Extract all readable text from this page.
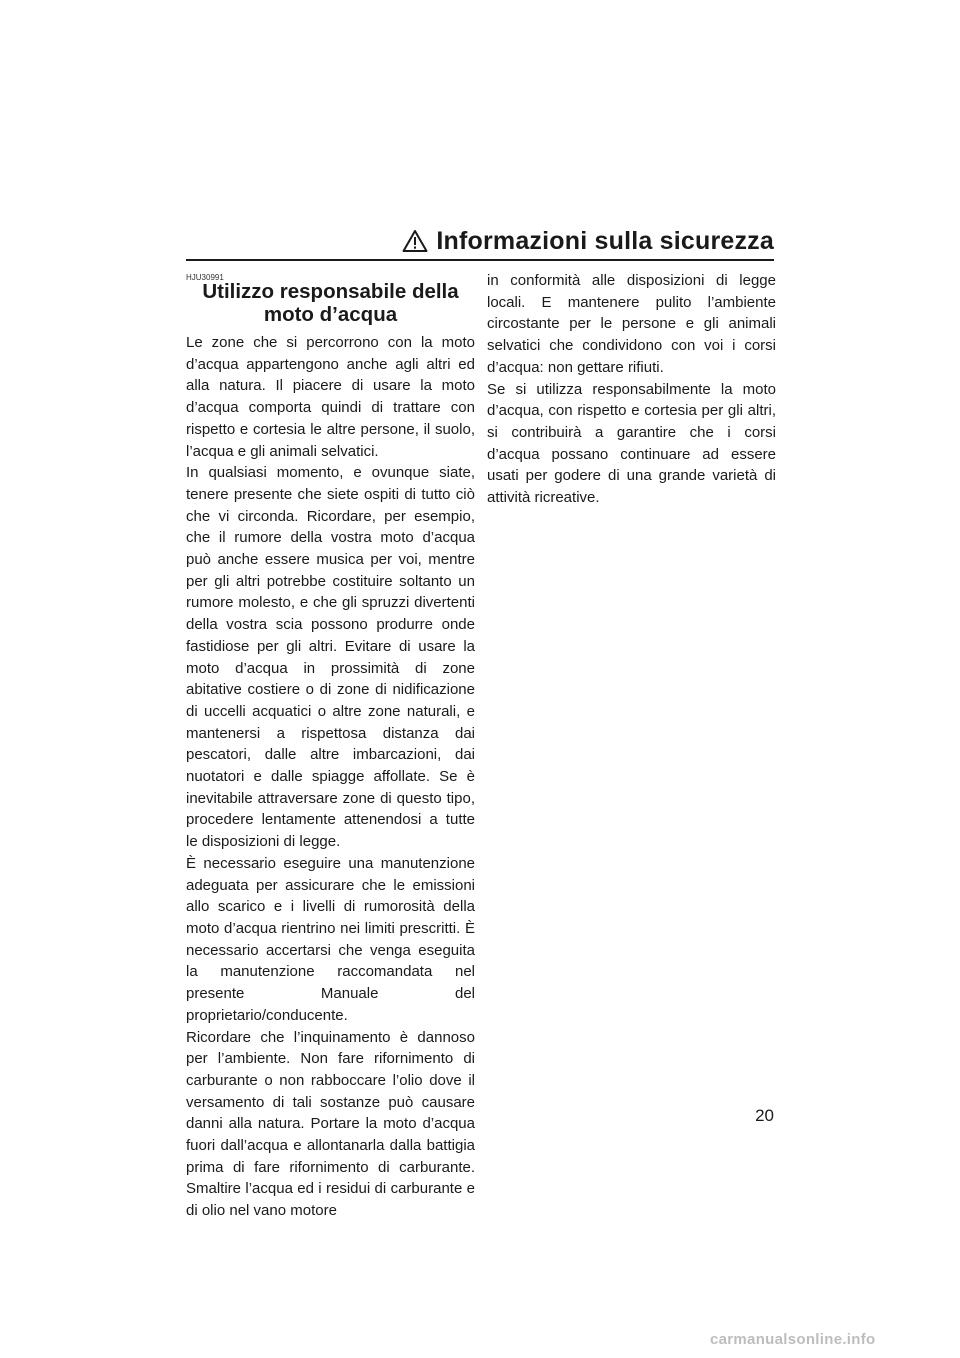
Informazioni sulla sicurezza

HJU30991

Utilizzo responsabile della
moto d’acqua

Le zone che si percorrono con la moto d’acqua appartengono anche agli altri ed alla natura. Il piacere di usare la moto d’acqua comporta quindi di trattare con rispetto e cortesia le altre persone, il suolo, l’acqua e gli animali selvatici.

In qualsiasi momento, e ovunque siate, tenere presente che siete ospiti di tutto ciò che vi circonda. Ricordare, per esempio, che il rumore della vostra moto d’acqua può anche essere musica per voi, mentre per gli altri potrebbe costituire soltanto un rumore molesto, e che gli spruzzi divertenti della vostra scia possono produrre onde fastidiose per gli altri. Evitare di usare la moto d’acqua in prossimità di zone abitative costiere o di zone di nidificazione di uccelli acquatici o altre zone naturali, e mantenersi a rispettosa distanza dai pescatori, dalle altre imbarcazioni, dai nuotatori e dalle spiagge affollate. Se è inevitabile attraversare zone di questo tipo, procedere lentamente attenendosi a tutte le disposizioni di legge.

È necessario eseguire una manutenzione adeguata per assicurare che le emissioni allo scarico e i livelli di rumorosità della moto d’acqua rientrino nei limiti prescritti. È necessario accertarsi che venga eseguita la manutenzione raccomandata nel presente Manuale del proprietario/conducente.

Ricordare che l’inquinamento è dannoso per l’ambiente. Non fare rifornimento di carburante o non rabboccare l’olio dove il versamento di tali sostanze può causare danni alla natura. Portare la moto d’acqua fuori dall’acqua e allontanarla dalla battigia prima di fare rifornimento di carburante. Smaltire l’acqua ed i residui di carburante e di olio nel vano motore

in conformità alle disposizioni di legge locali. E mantenere pulito l’ambiente circostante per le persone e gli animali selvatici che condividono con voi i corsi d’acqua: non gettare rifiuti.

Se si utilizza responsabilmente la moto d’acqua, con rispetto e cortesia per gli altri, si contribuirà a garantire che i corsi d’acqua possano continuare ad essere usati per godere di una grande varietà di attività ricreative.

20
carmanualsonline.info
